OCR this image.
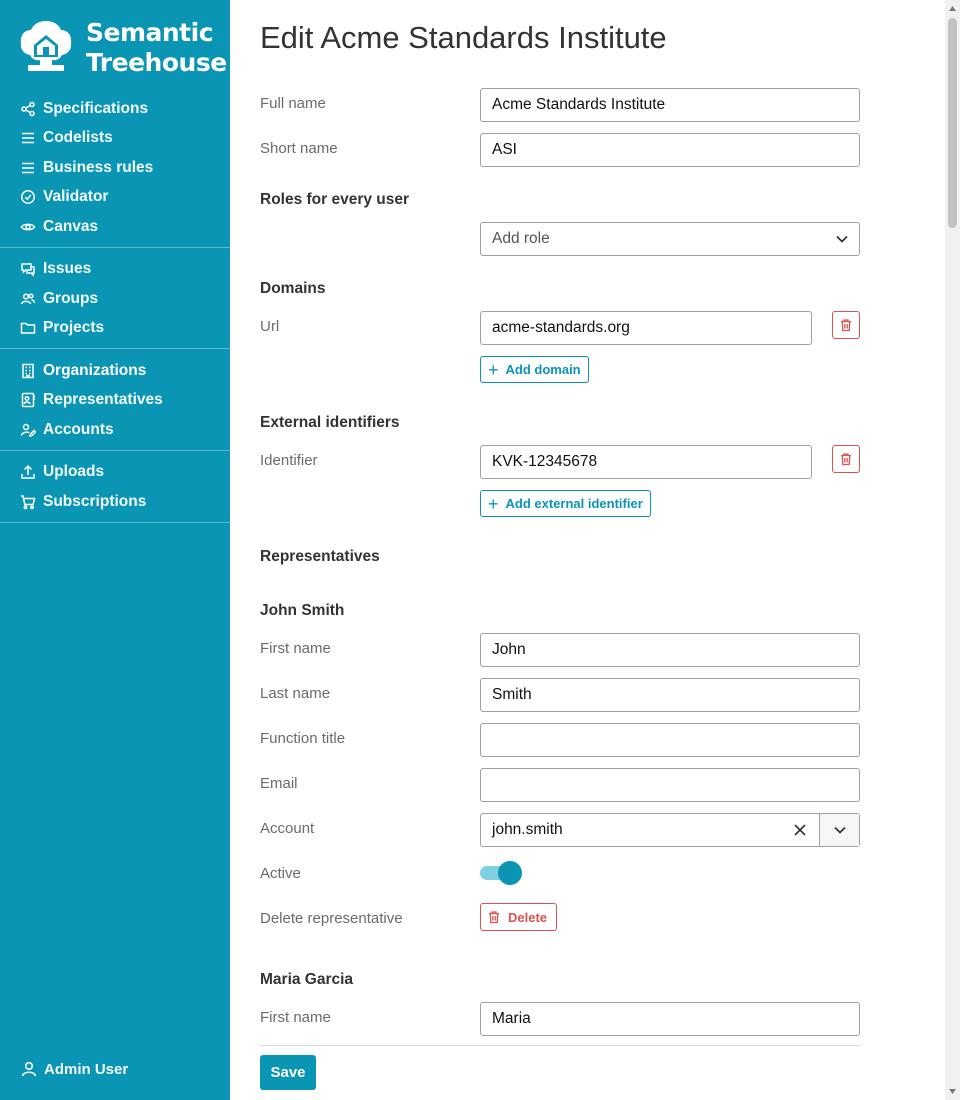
Semantic
Treehouse
Specifications
Codelists
Business rules
Validator
Canvas
Issues
Groups
Projects
Organizations
Representatives
Accounts
Uploads
Subscriptions
Admin User
Edit Acme Standards Institute
Full name
Acme Standards Institute
Short name
ASI
Roles for every user
Add role
Domains
Url
acme-standards.org
+ Add domain
External identifiers
Identifier
KVK-12345678
+ Add external identifier
Representatives
John Smith
First name
John
Last name
Smith
Function title
Email
Account	john.smith
Active
Delete representative	Delete
Maria Garcia
First name
Maria
Save
